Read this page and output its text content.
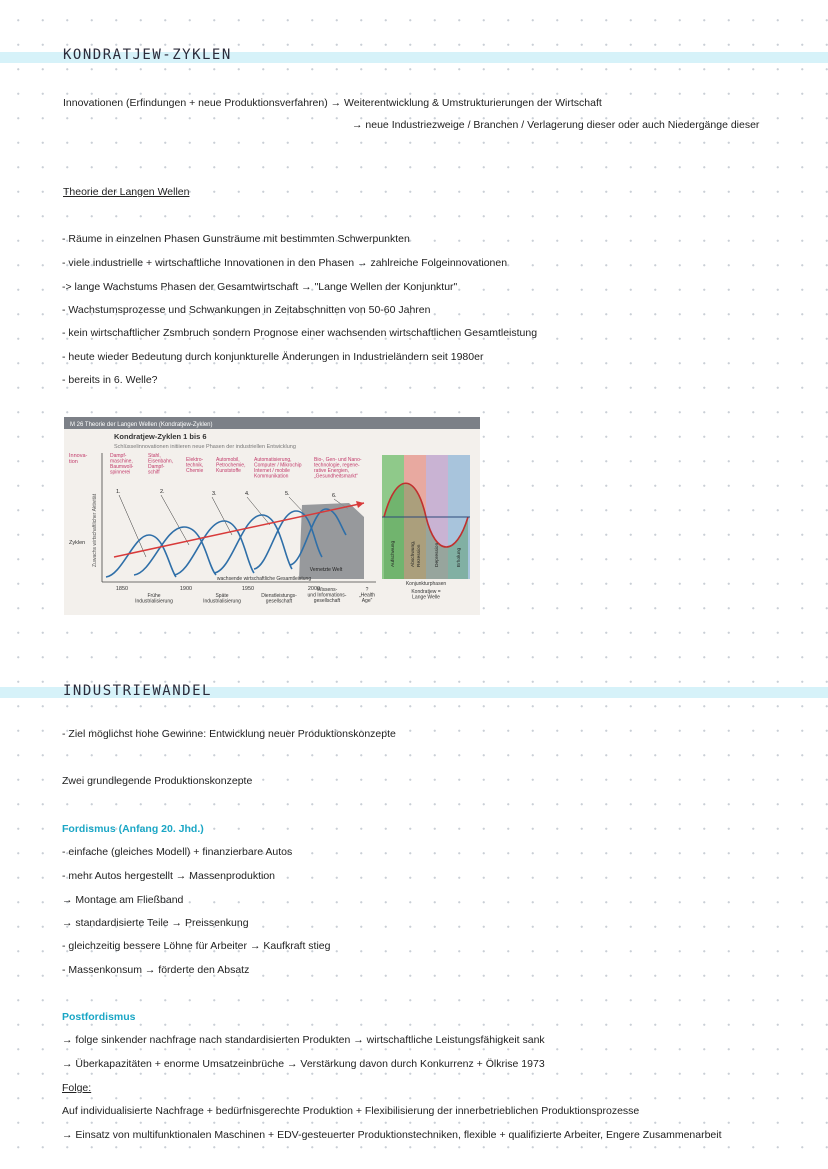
KONDRATJEW-ZYKLEN
Innovationen (Erfindungen + neue Produktionsverfahren) → Weiterentwicklung & Umstrukturierungen der Wirtschaft
→ neue Industriezweige / Branchen / Verlagerung dieser oder auch Niedergänge dieser
Theorie der Langen Wellen
- Räume in einzelnen Phasen Gunsträume mit bestimmten Schwerpunkten
- viele industrielle + wirtschaftliche Innovationen in den Phasen → zahlreiche Folgeinnovationen
-> lange Wachstums Phasen der Gesamtwirtschaft → "Lange Wellen der Konjunktur"
- Wachstumsprozesse und Schwankungen in Zeitabschnitten von 50-60 Jahren
- kein wirtschaftlicher Zsmbruch sondern Prognose einer wachsenden wirtschaftlichen Gesamtleistung
- heute wieder Bedeutung durch konjunkturelle Änderungen in Industrieländern seit 1980er
- bereits in 6. Welle?
M 26 Theorie der Langen Wellen (Kondratjew-Zyklen)
Kondratjew-Zyklen 1 bis 6
Schlüsselinnovationen initiieren neue Phasen der industriellen Entwicklung
Innova-tion
Dampf-maschine, Baumwoll-spinnerei
Stahl, Eisenbahn, Dampf-schiff
Elektro-technik, Chemie
Automobil, Petrochemie, Kunststoffe
Automatisierung, Computer / Mikrochip Internet / mobile Kommunikation
Bio-, Gen- und Nano-technologie, regene-rative Energien, „Gesundheitsmarkt“
Zuwachs wirtschaftlicher Aktivität
Zyklen
1.	2.	3.	4.	5.	6.
Vernetzte Welt
wachsende wirtschaftliche Gesamtleistung
1850	1900	1950	2000
Frühe Industrialisierung
Späte Industrialisierung
Dienstleistungs-gesellschaft
Wissens-und Informations-gesellschaft
? „Health Age“
Aufschwung	Abschwung, Rezession	Depression	Erholung
Konjunkturphasen
Kondratjew = Lange Welle
INDUSTRIEWANDEL
- Ziel möglichst hohe Gewinne: Entwicklung neuer Produktionskonzepte
Zwei grundlegende Produktionskonzepte
Fordismus (Anfang 20. Jhd.)
- einfache (gleiches Modell) + finanzierbare Autos
- mehr Autos hergestellt → Massenproduktion
→ Montage am Fließband
→ standardisierte Teile → Preissenkung
- gleichzeitig bessere Löhne für Arbeiter → Kaufkraft stieg
- Massenkonsum → förderte den Absatz
Postfordismus
→ folge sinkender nachfrage nach standardisierten Produkten → wirtschaftliche Leistungsfähigkeit sank
→ Überkapazitäten + enorme Umsatzeinbrüche → Verstärkung davon durch Konkurrenz + Ölkrise 1973
Folge:
Auf individualisierte Nachfrage + bedürfnisgerechte Produktion + Flexibilisierung der innerbetrieblichen Produktionsprozesse
→ Einsatz von multifunktionalen Maschinen + EDV-gesteuerter Produktionstechniken, flexible + qualifizierte Arbeiter, Engere Zusammenarbeit
